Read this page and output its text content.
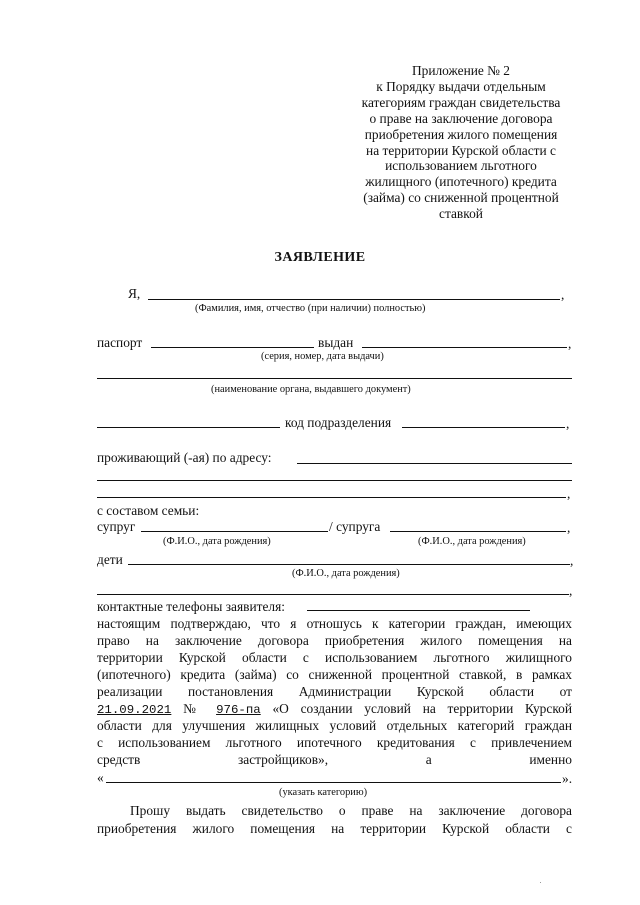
Приложение № 2
к Порядку выдачи отдельным
категориям граждан свидетельства
о праве на заключение договора
приобретения жилого помещения
на территории Курской области с
использованием льготного
жилищного (ипотечного) кредита
(займа) со сниженной процентной
ставкой
ЗАЯВЛЕНИЕ
Я,	,
(Фамилия, имя, отчество (при наличии) полностью)
паспорт	выдан	,
(серия, номер, дата выдачи)
(наименование органа, выдавшего документ)
код подразделения	,
проживающий (-ая) по адресу:
,
с составом семьи:
супруг	/ супруга	,
(Ф.И.О., дата рождения)	(Ф.И.О., дата рождения)
дети	,
(Ф.И.О., дата рождения)
,
контактные телефоны заявителя:
настоящим подтверждаю, что я отношусь к категории граждан, имеющих
право на заключение договора приобретения жилого помещения на
территории Курской области с использованием льготного жилищного
(ипотечного) кредита (займа) со сниженной процентной ставкой, в рамках
реализации постановления Администрации Курской области от
21.09.2021 № 976-па «О создании условий на территории Курской
области для улучшения жилищных условий отдельных категорий граждан
с использованием льготного ипотечного кредитования с привлечением
средств	застройщиков»,	а	именно
«	».
(указать категорию)
Прошу выдать свидетельство о праве на заключение договора
приобретения жилого помещения на территории Курской области с
